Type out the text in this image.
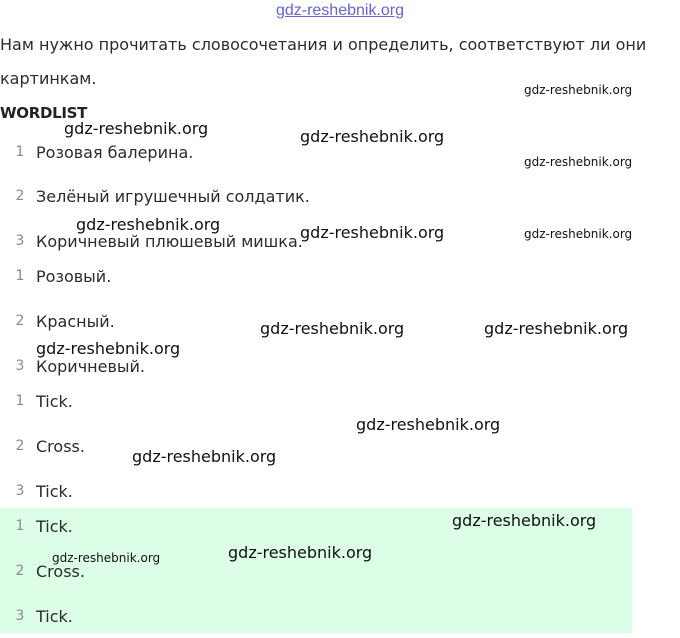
gdz-reshebnik.org
Нам нужно прочитать словосочетания и определить, соответствуют ли они картинкам.
WORDLIST
1 Розовая балерина.
2 Зелёный игрушечный солдатик.
3 Коричневый плюшевый мишка.
1 Розовый.
2 Красный.
3 Коричневый.
1 Tick.
2 Cross.
3 Tick.
1 Tick.
2 Cross.
3 Tick.
gdz-reshebnik.org
gdz-reshebnik.org	gdz-reshebnik.org
gdz-reshebnik.org
gdz-reshebnik.org	gdz-reshebnik.org	gdz-reshebnik.org
gdz-reshebnik.org	gdz-reshebnik.org
gdz-reshebnik.org
gdz-reshebnik.org
gdz-reshebnik.org
gdz-reshebnik.org
gdz-reshebnik.org
gdz-reshebnik.org
